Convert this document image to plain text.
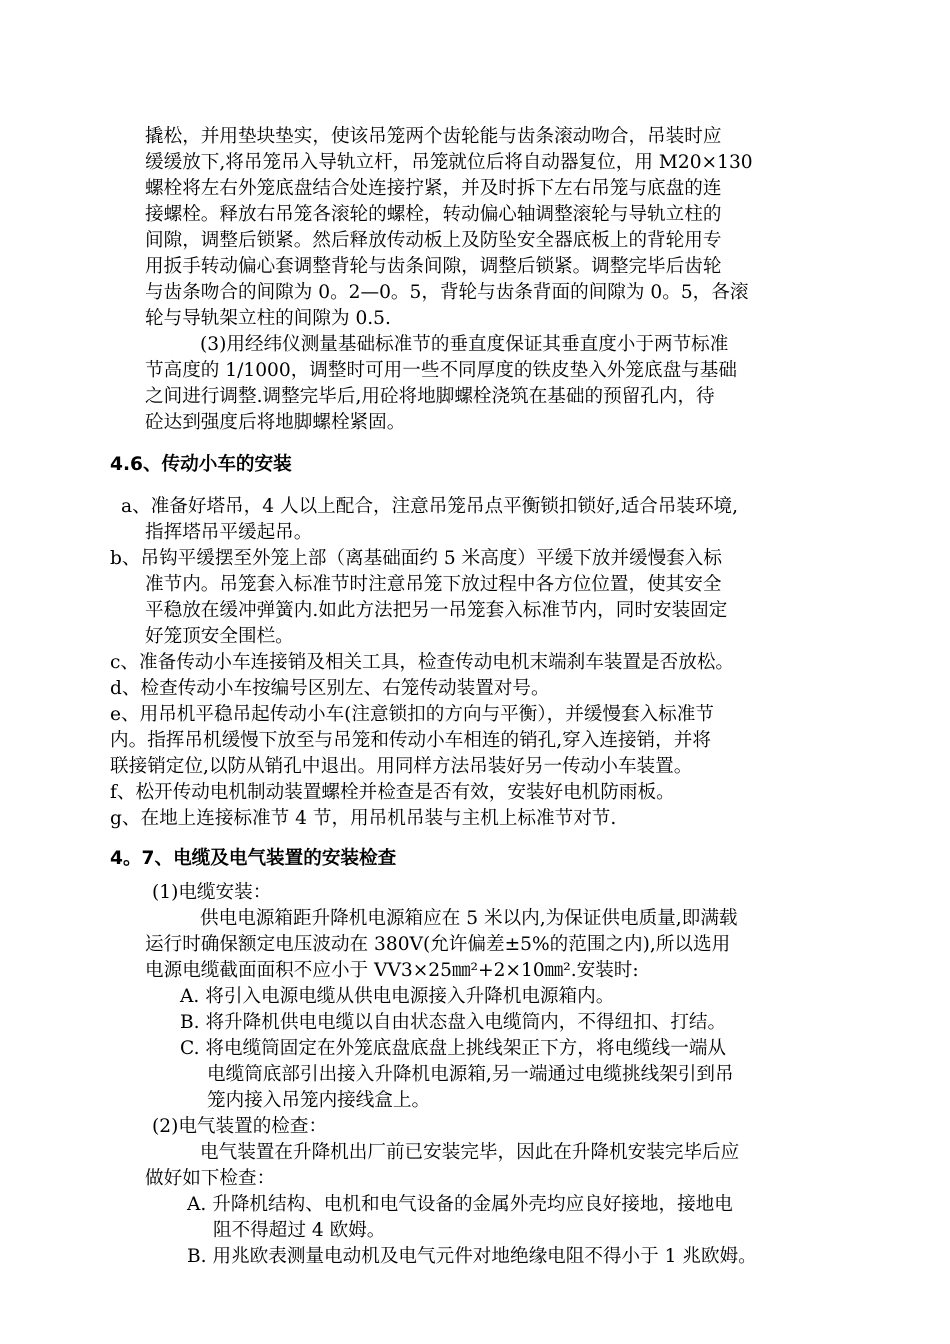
撬松，并用垫块垫实，使该吊笼两个齿轮能与齿条滚动吻合，吊装时应
缓缓放下,将吊笼吊入导轨立杆，吊笼就位后将自动器复位，用 M20×130
螺栓将左右外笼底盘结合处连接拧紧，并及时拆下左右吊笼与底盘的连
接螺栓。释放右吊笼各滚轮的螺栓，转动偏心轴调整滚轮与导轨立柱的
间隙，调整后锁紧。然后释放传动板上及防坠安全器底板上的背轮用专
用扳手转动偏心套调整背轮与齿条间隙，调整后锁紧。调整完毕后齿轮
与齿条吻合的间隙为 0。2—0。5，背轮与齿条背面的间隙为 0。5，各滚
轮与导轨架立柱的间隙为 0.5.
(3)用经纬仪测量基础标准节的垂直度保证其垂直度小于两节标准
节高度的 1/1000，调整时可用一些不同厚度的铁皮垫入外笼底盘与基础
之间进行调整.调整完毕后,用砼将地脚螺栓浇筑在基础的预留孔内，待
砼达到强度后将地脚螺栓紧固。
4.6、传动小车的安装
a、准备好塔吊，4 人以上配合，注意吊笼吊点平衡锁扣锁好,适合吊装环境,
指挥塔吊平缓起吊。
b、吊钩平缓摆至外笼上部（离基础面约 5 米高度）平缓下放并缓慢套入标
准节内。吊笼套入标准节时注意吊笼下放过程中各方位位置，使其安全
平稳放在缓冲弹簧内.如此方法把另一吊笼套入标准节内，同时安装固定
好笼顶安全围栏。
c、准备传动小车连接销及相关工具，检查传动电机末端刹车装置是否放松。
d、检查传动小车按编号区别左、右笼传动装置对号。
e、用吊机平稳吊起传动小车(注意锁扣的方向与平衡），并缓慢套入标准节
内。指挥吊机缓慢下放至与吊笼和传动小车相连的销孔,穿入连接销，并将
联接销定位,以防从销孔中退出。用同样方法吊装好另一传动小车装置。
f、松开传动电机制动装置螺栓并检查是否有效，安装好电机防雨板。
g、在地上连接标准节 4 节，用吊机吊装与主机上标准节对节.
4。7、电缆及电气装置的安装检查
(1)电缆安装：
供电电源箱距升降机电源箱应在 5 米以内,为保证供电质量,即满载
运行时确保额定电压波动在 380V(允许偏差±5%的范围之内),所以选用
电源电缆截面面积不应小于 VV3×25㎜²+2×10㎜².安装时:
A. 将引入电源电缆从供电电源接入升降机电源箱内。
B. 将升降机供电电缆以自由状态盘入电缆筒内，不得纽扣、打结。
C. 将电缆筒固定在外笼底盘底盘上挑线架正下方，将电缆线一端从
电缆筒底部引出接入升降机电源箱,另一端通过电缆挑线架引到吊
笼内接入吊笼内接线盒上。
(2)电气装置的检查：
电气装置在升降机出厂前已安装完毕，因此在升降机安装完毕后应
做好如下检查：
A. 升降机结构、电机和电气设备的金属外壳均应良好接地，接地电
阻不得超过 4 欧姆。
B. 用兆欧表测量电动机及电气元件对地绝缘电阻不得小于 1 兆欧姆。
